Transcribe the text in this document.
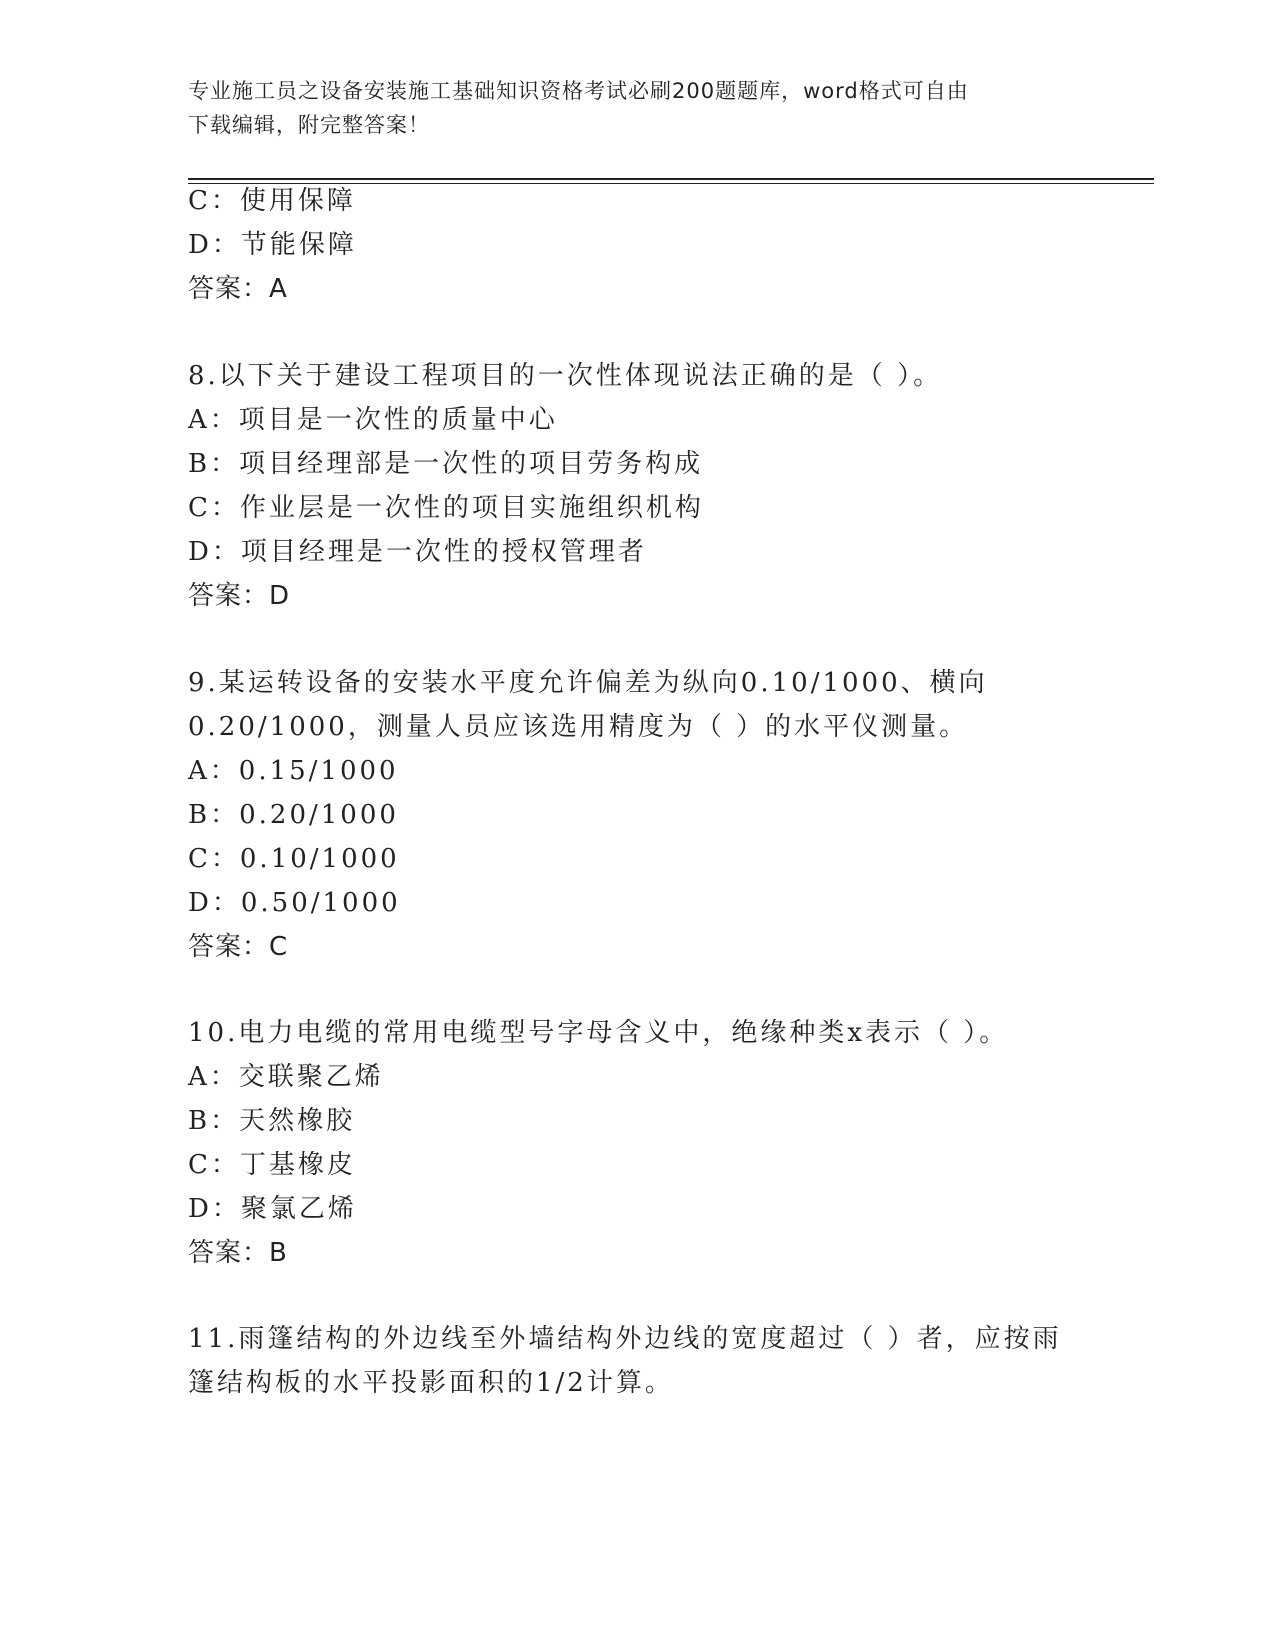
专业施工员之设备安装施工基础知识资格考试必刷200题题库，word格式可自由
下载编辑，附完整答案！
C：使用保障
D：节能保障
答案：A
8.以下关于建设工程项目的一次性体现说法正确的是（ ）。
A：项目是一次性的质量中心
B：项目经理部是一次性的项目劳务构成
C：作业层是一次性的项目实施组织机构
D：项目经理是一次性的授权管理者
答案：D
9.某运转设备的安装水平度允许偏差为纵向0.10/1000、横向
0.20/1000，测量人员应该选用精度为（ ）的水平仪测量。
A：0.15/1000
B：0.20/1000
C：0.10/1000
D：0.50/1000
答案：C
10.电力电缆的常用电缆型号字母含义中，绝缘种类x表示（ ）。
A：交联聚乙烯
B：天然橡胶
C：丁基橡皮
D：聚氯乙烯
答案：B
11.雨篷结构的外边线至外墙结构外边线的宽度超过（ ）者，应按雨
篷结构板的水平投影面积的1/2计算。
